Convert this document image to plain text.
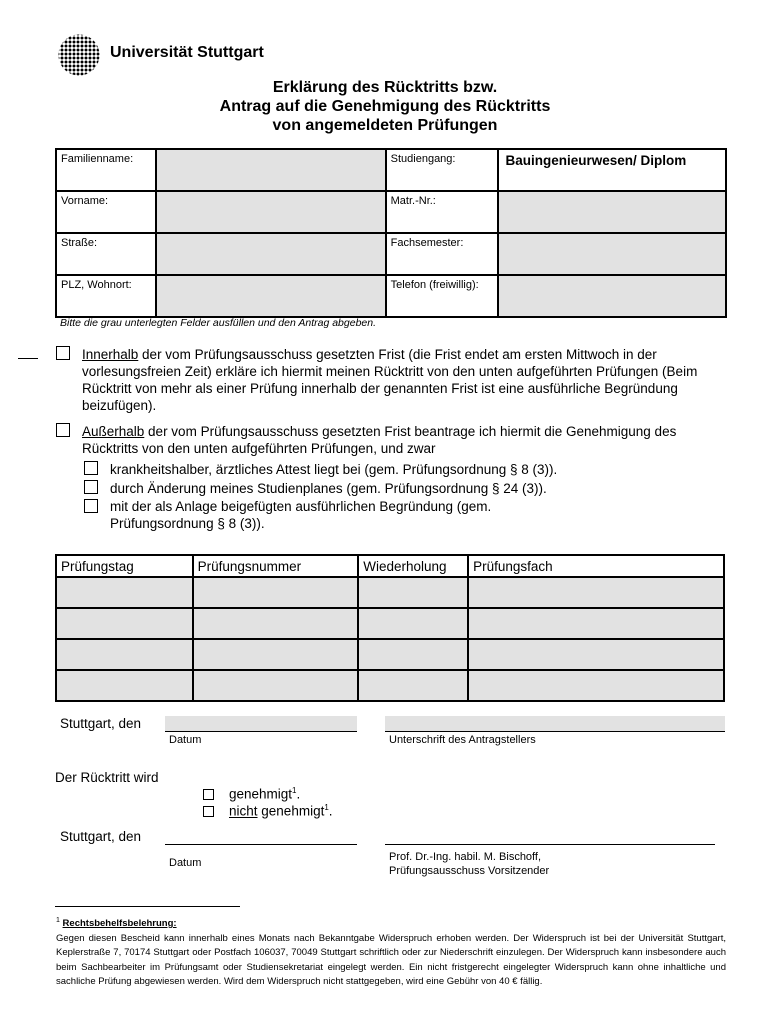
Universität Stuttgart
Erklärung des Rücktritts bzw.
Antrag auf die Genehmigung des Rücktritts
von angemeldeten Prüfungen
Familienname:		Studiengang:	Bauingenieurwesen/ Diplom
Vorname:		Matr.-Nr.:	
Straße:		Fachsemester:	
PLZ, Wohnort:		Telefon (freiwillig):	
Bitte die grau unterlegten Felder ausfüllen und den Antrag abgeben.
Innerhalb der vom Prüfungsausschuss gesetzten Frist (die Frist endet am ersten Mittwoch in der vorlesungsfreien Zeit) erkläre ich hiermit meinen Rücktritt von den unten aufgeführten Prüfungen (Beim Rücktritt von mehr als einer Prüfung innerhalb der genannten Frist ist eine ausführliche Begründung beizufügen).
Außerhalb der vom Prüfungsausschuss gesetzten Frist beantrage ich hiermit die Genehmigung des Rücktritts von den unten aufgeführten Prüfungen, und zwar
krankheitshalber, ärztliches Attest liegt bei (gem. Prüfungsordnung § 8 (3)).
durch Änderung meines Studienplanes (gem. Prüfungsordnung § 24 (3)).
mit der als Anlage beigefügten ausführlichen Begründung (gem. Prüfungsordnung § 8 (3)).
Prüfungstag	Prüfungsnummer	Wiederholung	Prüfungsfach

Stuttgart, den
Datum	Unterschrift des Antragstellers
Der Rücktritt wird
genehmigt$^1$.
nicht genehmigt$^1$.
Stuttgart, den
Datum	Prof. Dr.-Ing. habil. M. Bischoff,
Prüfungsausschuss Vorsitzender
$^1$ Rechtsbehelfsbelehrung:
Gegen diesen Bescheid kann innerhalb eines Monats nach Bekanntgabe Widerspruch erhoben werden. Der Widerspruch ist bei der Universität Stuttgart, Keplerstraße 7, 70174 Stuttgart oder Postfach 106037, 70049 Stuttgart schriftlich oder zur Niederschrift einzulegen. Der Widerspruch kann insbesondere auch beim Sachbearbeiter im Prüfungsamt oder Studiensekretariat eingelegt werden. Ein nicht fristgerecht eingelegter Widerspruch kann ohne inhaltliche und sachliche Prüfung abgewiesen werden. Wird dem Widerspruch nicht stattgegeben, wird eine Gebühr von 40 € fällig.
